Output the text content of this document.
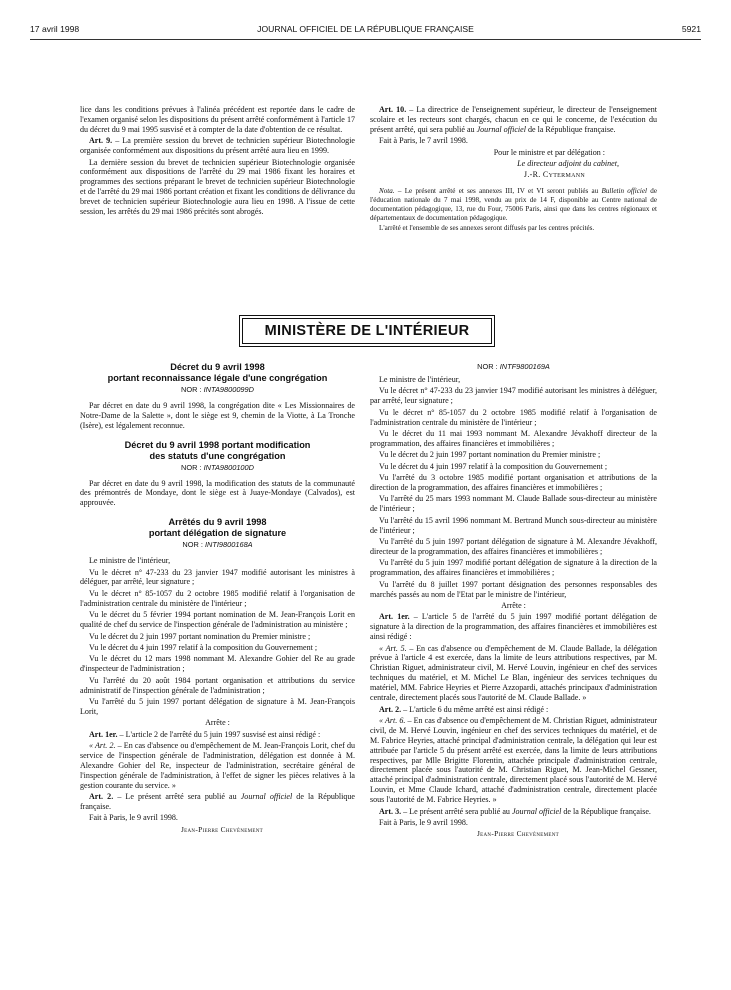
17 avril 1998	JOURNAL OFFICIEL DE LA RÉPUBLIQUE FRANÇAISE	5921

lice dans les conditions prévues à l'alinéa précédent est reportée dans le cadre de l'examen organisé selon les dispositions du présent arrêté conformément à l'article 17 du décret du 9 mai 1995 susvisé et à compter de la date d'obtention de ce résultat.

Art. 9. – La première session du brevet de technicien supérieur Biotechnologie organisée conformément aux dispositions du présent arrêté aura lieu en 1999.

La dernière session du brevet de technicien supérieur Biotechnologie organisée conformément aux dispositions de l'arrêté du 29 mai 1986 fixant les horaires et programmes des sections préparant le brevet de technicien supérieur Biotechnologie et de l'arrêté du 29 mai 1986 portant création et fixant les conditions de délivrance du brevet de technicien supérieur Biotechnologie aura lieu en 1998. A l'issue de cette session, les arrêtés du 29 mai 1986 précités sont abrogés.

Art. 10. – La directrice de l'enseignement supérieur, le directeur de l'enseignement scolaire et les recteurs sont chargés, chacun en ce qui le concerne, de l'exécution du présent arrêté, qui sera publié au Journal officiel de la République française.

Fait à Paris, le 7 avril 1998.

Pour le ministre et par délégation :

Le directeur adjoint du cabinet,

J.-R. Cytermann

Nota. – Le présent arrêté et ses annexes III, IV et VI seront publiés au Bulletin officiel de l'éducation nationale du 7 mai 1998, vendu au prix de 14 F, disponible au Centre national de documentation pédagogique, 13, rue du Four, 75006 Paris, ainsi que dans les centres régionaux et départementaux de documentation pédagogique.

L'arrêté et l'ensemble de ses annexes seront diffusés par les centres précités.

MINISTÈRE DE L'INTÉRIEUR
Décret du 9 avril 1998
portant reconnaissance légale d'une congrégation
NOR : INTA9800099D

Par décret en date du 9 avril 1998, la congrégation dite « Les Missionnaires de Notre-Dame de la Salette », dont le siège est 9, chemin de la Viotte, à La Tronche (Isère), est légalement reconnue.

Décret du 9 avril 1998 portant modification
des statuts d'une congrégation
NOR : INTA9800100D

Par décret en date du 9 avril 1998, la modification des statuts de la communauté des prémontrés de Mondaye, dont le siège est à Juaye-Mondaye (Calvados), est approuvée.

Arrêtés du 9 avril 1998
portant délégation de signature
NOR : INTI9800168A

Le ministre de l'intérieur,

Vu le décret n° 47-233 du 23 janvier 1947 modifié autorisant les ministres à déléguer, par arrêté, leur signature ;

Vu le décret n° 85-1057 du 2 octobre 1985 modifié relatif à l'organisation de l'administration centrale du ministère de l'intérieur ;

Vu le décret du 5 février 1994 portant nomination de M. Jean-François Lorit en qualité de chef du service de l'inspection générale de l'administration au ministère ;

Vu le décret du 2 juin 1997 portant nomination du Premier ministre ;

Vu le décret du 4 juin 1997 relatif à la composition du Gouvernement ;

Vu le décret du 12 mars 1998 nommant M. Alexandre Gohier del Re au grade d'inspecteur de l'administration ;

Vu l'arrêté du 20 août 1984 portant organisation et attributions du service administratif de l'inspection générale de l'administration ;

Vu l'arrêté du 5 juin 1997 portant délégation de signature à M. Jean-François Lorit,

Arrête :

Art. 1er. – L'article 2 de l'arrêté du 5 juin 1997 susvisé est ainsi rédigé :

« Art. 2. – En cas d'absence ou d'empêchement de M. Jean-François Lorit, chef du service de l'inspection générale de l'administration, délégation est donnée à M. Alexandre Gohier del Re, inspecteur de l'administration, secrétaire général de l'inspection générale de l'administration, à l'effet de signer les pièces relatives à la gestion courante du service. »

Art. 2. – Le présent arrêté sera publié au Journal officiel de la République française.

Fait à Paris, le 9 avril 1998.

Jean-Pierre Chevènement

NOR : INTF9800169A

Le ministre de l'intérieur,

Vu le décret n° 47-233 du 23 janvier 1947 modifié autorisant les ministres à déléguer, par arrêté, leur signature ;

Vu le décret n° 85-1057 du 2 octobre 1985 modifié relatif à l'organisation de l'administration centrale du ministère de l'intérieur ;

Vu le décret du 11 mai 1993 nommant M. Alexandre Jévakhoff directeur de la programmation, des affaires financières et immobilières ;

Vu le décret du 2 juin 1997 portant nomination du Premier ministre ;

Vu le décret du 4 juin 1997 relatif à la composition du Gouvernement ;

Vu l'arrêté du 3 octobre 1985 modifié portant organisation et attributions de la direction de la programmation, des affaires financières et immobilières ;

Vu l'arrêté du 25 mars 1993 nommant M. Claude Ballade sous-directeur au ministère de l'intérieur ;

Vu l'arrêté du 15 avril 1996 nommant M. Bertrand Munch sous-directeur au ministère de l'intérieur ;

Vu l'arrêté du 5 juin 1997 portant délégation de signature à M. Alexandre Jévakhoff, directeur de la programmation, des affaires financières et immobilières ;

Vu l'arrêté du 5 juin 1997 modifié portant délégation de signature à la direction de la programmation, des affaires financières et immobilières ;

Vu l'arrêté du 8 juillet 1997 portant désignation des personnes responsables des marchés passés au nom de l'Etat par le ministre de l'intérieur,

Arrête :

Art. 1er. – L'article 5 de l'arrêté du 5 juin 1997 modifié portant délégation de signature à la direction de la programmation, des affaires financières et immobilières est ainsi rédigé :

« Art. 5. – En cas d'absence ou d'empêchement de M. Claude Ballade, la délégation prévue à l'article 4 est exercée, dans la limite de leurs attributions respectives, par M. Christian Riguet, administrateur civil, M. Hervé Louvin, ingénieur en chef des services techniques du matériel, et M. Michel Le Blan, ingénieur des services techniques du matériel, MM. Fabrice Heyries et Pierre Azzopardi, attachés principaux d'administration centrale, directement placés sous l'autorité de M. Claude Ballade. »

Art. 2. – L'article 6 du même arrêté est ainsi rédigé :

« Art. 6. – En cas d'absence ou d'empêchement de M. Christian Riguet, administrateur civil, de M. Hervé Louvin, ingénieur en chef des services techniques du matériel, et de M. Fabrice Heyries, attaché principal d'administration centrale, la délégation qui leur est attribuée par l'article 5 du présent arrêté est exercée, dans la limite de leurs attributions respectives, par Mlle Brigitte Florentin, attachée principale d'administration centrale, directement placée sous l'autorité de M. Christian Riguet, M. Jean-Michel Gessner, attaché principal d'administration centrale, directement placé sous l'autorité de M. Hervé Louvin, et Mme Claude Ichard, attaché d'administration centrale, directement placée sous l'autorité de M. Fabrice Heyries. »

Art. 3. – Le présent arrêté sera publié au Journal officiel de la République française.

Fait à Paris, le 9 avril 1998.

Jean-Pierre Chevènement
